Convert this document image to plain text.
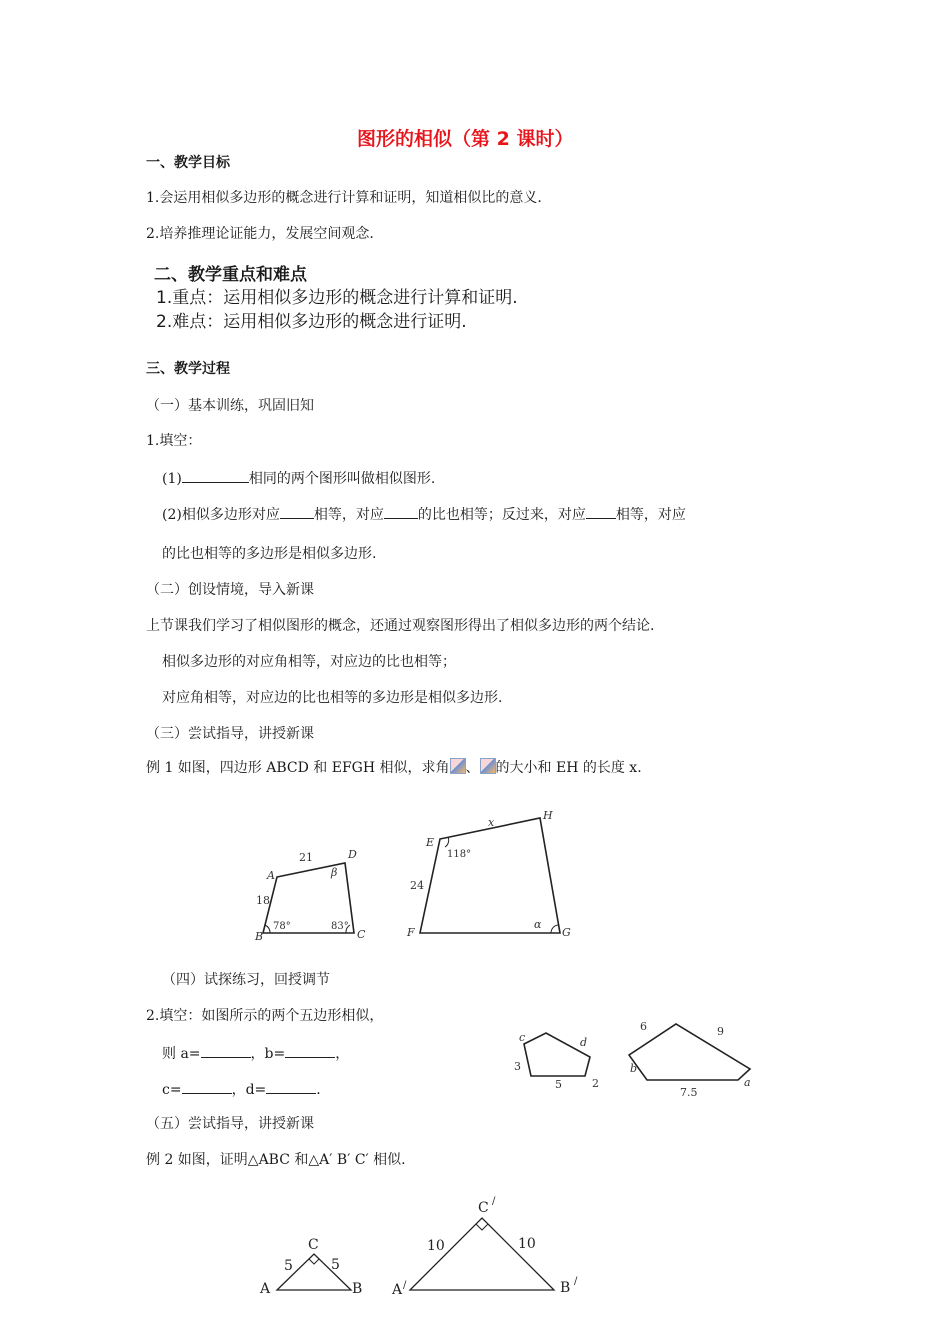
图形的相似（第 2 课时）
一、教学目标
1.会运用相似多边形的概念进行计算和证明，知道相似比的意义.
2.培养推理论证能力，发展空间观念.
二、教学重点和难点
1.重点：运用相似多边形的概念进行计算和证明.
2.难点：运用相似多边形的概念进行证明.
三、教学过程
（一）基本训练，巩固旧知
1.填空：
(1)	相同的两个图形叫做相似图形.
(2)相似多边形对应 相等，对应 的比也相等；反过来，对应 相等，对应
的比也相等的多边形是相似多边形.
（二）创设情境，导入新课
上节课我们学习了相似图形的概念，还通过观察图形得出了相似多边形的两个结论.
相似多边形的对应角相等，对应边的比也相等；
对应角相等，对应边的比也相等的多边形是相似多边形.
（三）尝试指导，讲授新课
例 1 如图，四边形 ABCD 和 EFGH 相似，求角 、 的大小和 EH 的长度 x.
A
B	C
D
21
18
78°	83°
β
E
F	G
H
x
24
118°
α
（四）试探练习，回授调节
2.填空：如图所示的两个五边形相似，
则 a=	，b=	，
c=	，d=	.
c	d
3
5	2
6	9
b
7.5
a
（五）尝试指导，讲授新课
例 2 如图，证明△ABC 和△A′ B′ C′ 相似.
C
A	B
5	5
C /
A /	B /
10	10
